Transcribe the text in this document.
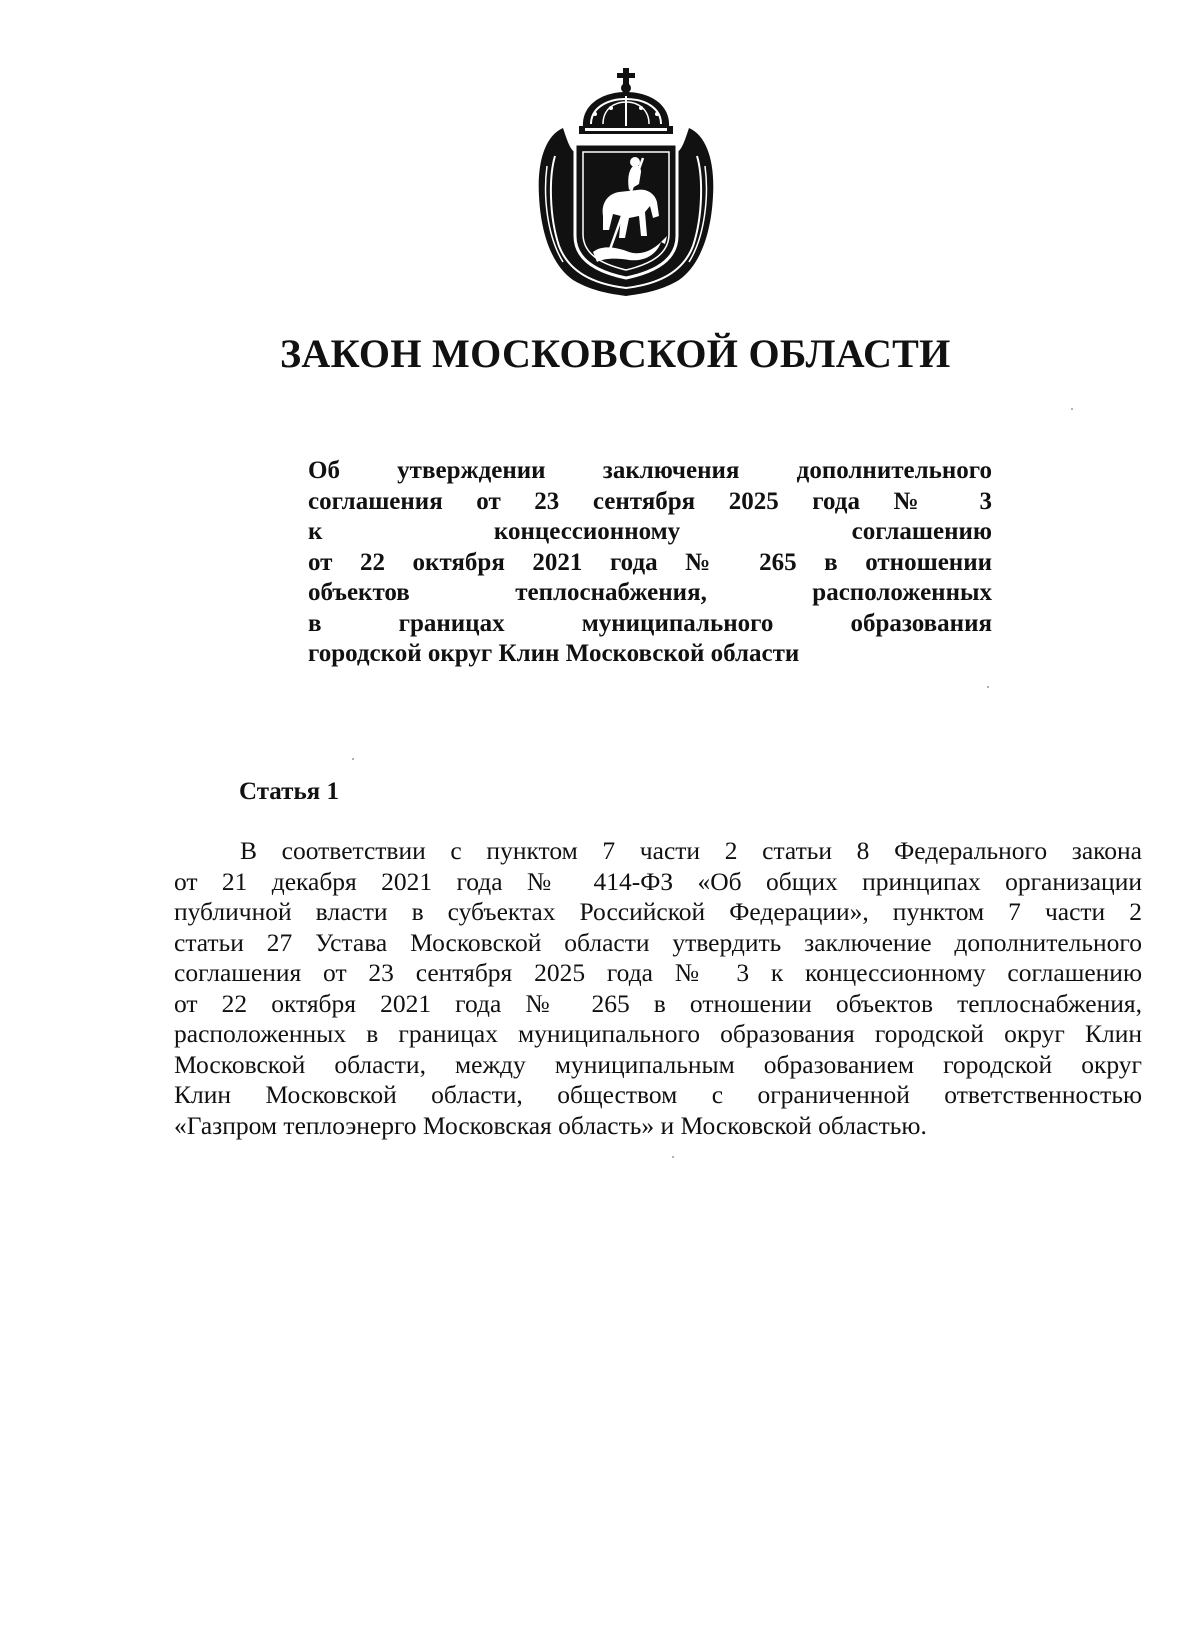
ЗАКОН МОСКОВСКОЙ ОБЛАСТИ
Об утверждении заключения дополнительного
соглашения от 23 сентября 2025 года № 3
к концессионному соглашению
от 22 октября 2021 года № 265 в отношении
объектов теплоснабжения, расположенных
в границах муниципального образования
городской округ Клин Московской области
Статья 1
В соответствии с пунктом 7 части 2 статьи 8 Федерального закона
от 21 декабря 2021 года № 414-ФЗ «Об общих принципах организации
публичной власти в субъектах Российской Федерации», пунктом 7 части 2
статьи 27 Устава Московской области утвердить заключение дополнительного
соглашения от 23 сентября 2025 года № 3 к концессионному соглашению
от 22 октября 2021 года № 265 в отношении объектов теплоснабжения,
расположенных в границах муниципального образования городской округ Клин
Московской области, между муниципальным образованием городской округ
Клин Московской области, обществом с ограниченной ответственностью
«Газпром теплоэнерго Московская область» и Московской областью.
